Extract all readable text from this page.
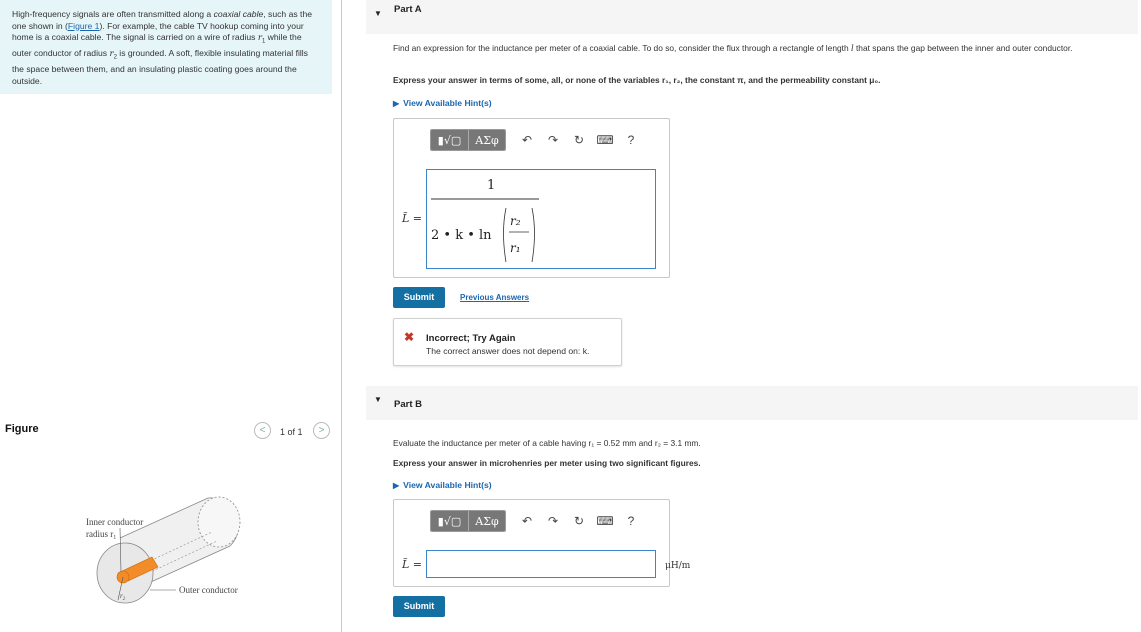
High-frequency signals are often transmitted along a coaxial cable, such as the one shown in (Figure 1). For example, the cable TV hookup coming into your home is a coaxial cable. The signal is carried on a wire of radius $r_1$ while the outer conductor of radius $r_2$ is grounded. A soft, flexible insulating material fills the space between them, and an insulating plastic coating goes around the outside.
Figure	<	1 of 1	>
Inner conductor
radius $r_1$
Outer conductor
$r_2$
▼ Part A
Find an expression for the inductance per meter of a coaxial cable. To do so, consider the flux through a rectangle of length l that spans the gap between the inner and outer conductor.
Express your answer in terms of some, all, or none of the variables r₁, r₂, the constant π, and the permeability constant μ₀.
▶ View Available Hint(s)
▮√▢	ΑΣφ	↶	↷	↻	⌨	?
L̃ =
1
2 • k • ln
r₂
r₁
Submit	Previous Answers
✖ Incorrect; Try Again
The correct answer does not depend on: k.
▼ Part B
Evaluate the inductance per meter of a cable having r₁ = 0.52 mm and r₂ = 3.1 mm.
Express your answer in microhenries per meter using two significant figures.
▶ View Available Hint(s)
▮√▢	ΑΣφ	↶	↷	↻	⌨	?
L̃ =	μH/m
Submit
